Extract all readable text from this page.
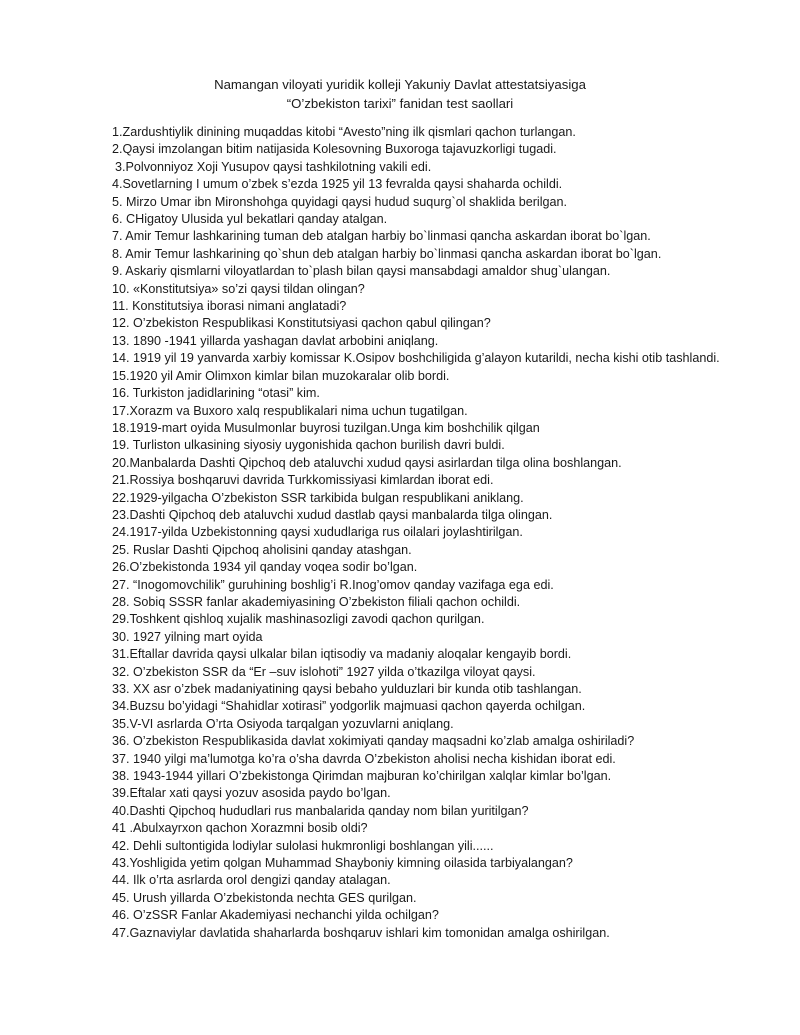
Namangan viloyati yuridik kolleji Yakuniy Davlat attestatsiyasiga
“O’zbekiston tarixi” fanidan test saollari
1.Zardushtiylik dinining muqaddas kitobi “Avesto”ning ilk qismlari qachon turlangan.
2.Qaysi imzolangan bitim natijasida Kolesovning Buxoroga tajavuzkorligi tugadi.
3.Polvonniyoz Xoji Yusupov qaysi tashkilotning vakili edi.
4.Sovetlarning I umum o’zbek s’ezda 1925 yil 13 fevralda qaysi shaharda ochildi.
5. Mirzo Umar ibn Mironshohga quyidagi qaysi hudud suqurg`ol shaklida berilgan.
6. CHigatoy Ulusida yul bekatlari qanday atalgan.
7. Amir Temur lashkarining tuman deb atalgan harbiy bo`linmasi qancha askardan iborat bo`lgan.
8. Amir Temur lashkarining qo`shun deb atalgan harbiy bo`linmasi qancha askardan iborat bo`lgan.
9. Askariy qismlarni viloyatlardan to`plash bilan qaysi mansabdagi amaldor shug`ulangan.
10. «Konstitutsiya» so’zi qaysi tildan olingan?
11. Konstitutsiya iborasi nimani anglatadi?
12. O’zbekiston Respublikasi Konstitutsiyasi qachon qabul qilingan?
13. 1890 -1941 yillarda yashagan davlat arbobini aniqlang.
14. 1919 yil 19 yanvarda xarbiy komissar K.Osipov boshchiligida g’alayon kutarildi, necha kishi otib tashlandi.
15.1920 yil Amir Olimxon kimlar bilan muzokaralar olib bordi.
16. Turkiston jadidlarining “otasi” kim.
17.Xorazm va Buxoro xalq respublikalari nima uchun tugatilgan.
18.1919-mart oyida Musulmonlar buyrosi tuzilgan.Unga kim boshchilik qilgan
19. Turliston ulkasining siyosiy uygonishida qachon burilish davri buldi.
20.Manbalarda Dashti Qipchoq deb ataluvchi xudud qaysi asirlardan tilga olina boshlangan.
21.Rossiya boshqaruvi davrida Turkkomissiyasi kimlardan iborat edi.
22.1929-yilgacha O’zbekiston SSR tarkibida bulgan respublikani aniklang.
23.Dashti Qipchoq deb ataluvchi xudud dastlab qaysi manbalarda tilga olingan.
24.1917-yilda Uzbekistonning qaysi xududlariga rus oilalari joylashtirilgan.
25. Ruslar Dashti Qipchoq aholisini qanday atashgan.
26.O’zbekistonda 1934 yil qanday voqea sodir bo’lgan.
27. “Inogomovchilik” guruhining boshlig’i R.Inog’omov qanday vazifaga ega edi.
28. Sobiq SSSR fanlar akademiyasining O’zbekiston filiali qachon ochildi.
29.Toshkent qishloq xujalik mashinasozligi zavodi qachon qurilgan.
30. 1927 yilning mart oyida
31.Eftallar davrida qaysi ulkalar bilan iqtisodiy va madaniy aloqalar kengayib bordi.
32. O’zbekiston SSR da “Er –suv islohoti” 1927 yilda o’tkazilga viloyat qaysi.
33. XX asr o’zbek madaniyatining qaysi bebaho yulduzlari bir kunda otib tashlangan.
34.Buzsu bo’yidagi “Shahidlar xotirasi” yodgorlik majmuasi qachon qayerda ochilgan.
35.V-VI asrlarda O’rta Osiyoda tarqalgan yozuvlarni aniqlang.
36. O’zbekiston Respublikasida davlat xokimiyati qanday maqsadni ko’zlab amalga oshiriladi?
37. 1940 yilgi ma’lumotga ko’ra o’sha davrda O’zbekiston aholisi necha kishidan iborat edi.
38. 1943-1944 yillari O’zbekistonga Qirimdan majburan ko’chirilgan xalqlar kimlar bo’lgan.
39.Eftalar xati qaysi yozuv asosida paydo bo’lgan.
40.Dashti Qipchoq hududlari rus manbalarida qanday nom bilan yuritilgan?
41 .Abulxayrxon qachon Xorazmni bosib oldi?
42. Dehli sultontigida lodiylar sulolasi hukmronligi boshlangan yili......
43.Yoshligida yetim qolgan Muhammad Shayboniy kimning oilasida tarbiyalangan?
44. Ilk o’rta asrlarda orol dengizi qanday atalagan.
45. Urush yillarda O’zbekistonda nechta GES qurilgan.
46. O’zSSR Fanlar Akademiyasi nechanchi yilda ochilgan?
47.Gaznaviylar davlatida shaharlarda boshqaruv ishlari kim tomonidan amalga oshirilgan.
